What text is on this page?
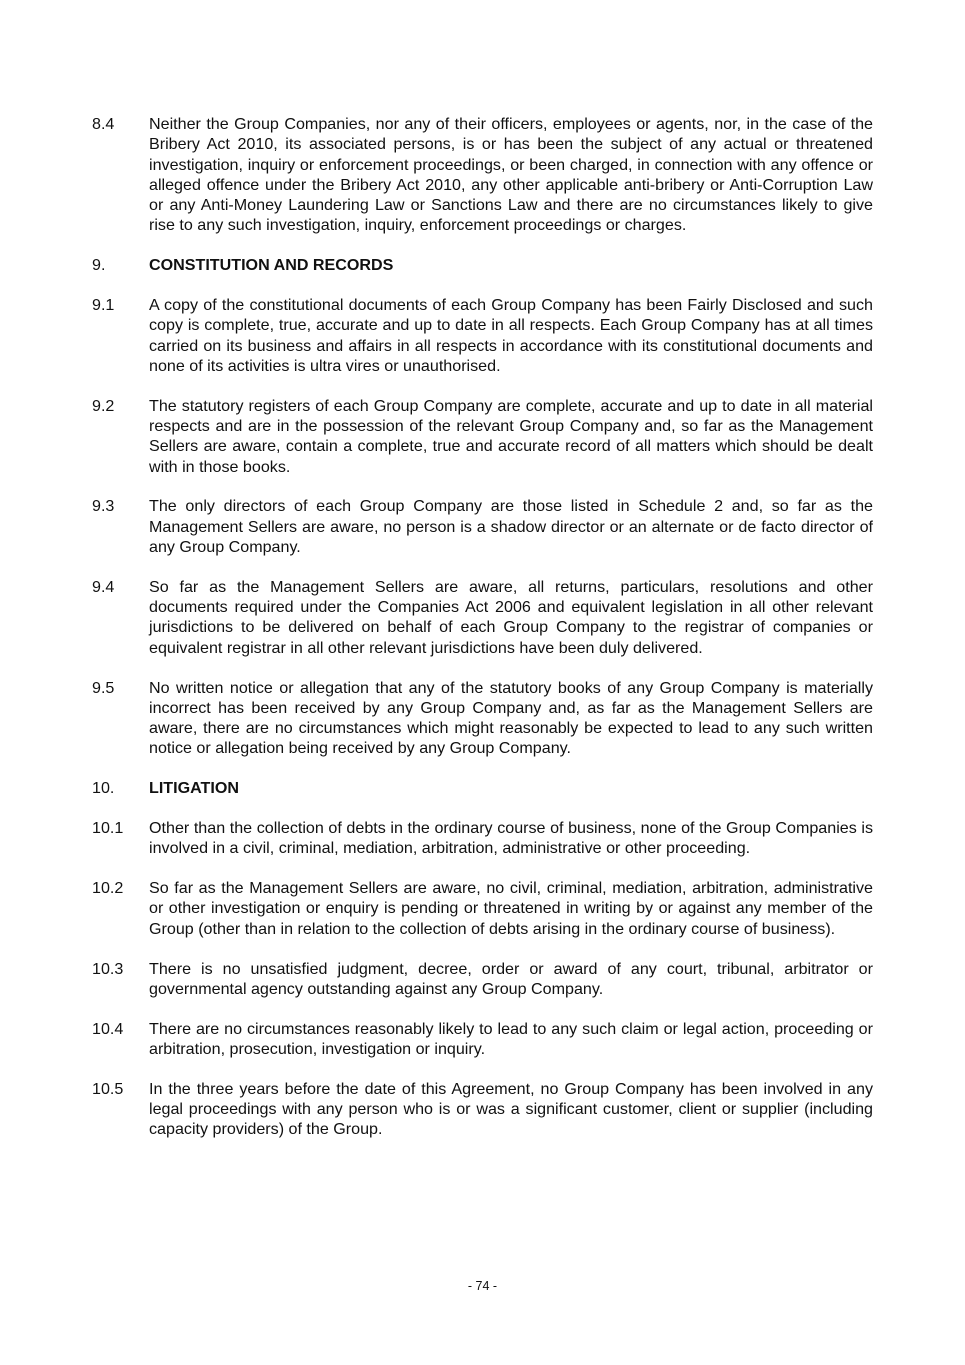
8.4 Neither the Group Companies, nor any of their officers, employees or agents, nor, in the case of the Bribery Act 2010, its associated persons, is or has been the subject of any actual or threatened investigation, inquiry or enforcement proceedings, or been charged, in connection with any offence or alleged offence under the Bribery Act 2010, any other applicable anti-bribery or Anti-Corruption Law or any Anti-Money Laundering Law or Sanctions Law and there are no circumstances likely to give rise to any such investigation, inquiry, enforcement proceedings or charges.
9.	CONSTITUTION AND RECORDS
9.1 A copy of the constitutional documents of each Group Company has been Fairly Disclosed and such copy is complete, true, accurate and up to date in all respects. Each Group Company has at all times carried on its business and affairs in all respects in accordance with its constitutional documents and none of its activities is ultra vires or unauthorised.
9.2 The statutory registers of each Group Company are complete, accurate and up to date in all material respects and are in the possession of the relevant Group Company and, so far as the Management Sellers are aware, contain a complete, true and accurate record of all matters which should be dealt with in those books.
9.3 The only directors of each Group Company are those listed in Schedule 2 and, so far as the Management Sellers are aware, no person is a shadow director or an alternate or de facto director of any Group Company.
9.4 So far as the Management Sellers are aware, all returns, particulars, resolutions and other documents required under the Companies Act 2006 and equivalent legislation in all other relevant jurisdictions to be delivered on behalf of each Group Company to the registrar of companies or equivalent registrar in all other relevant jurisdictions have been duly delivered.
9.5 No written notice or allegation that any of the statutory books of any Group Company is materially incorrect has been received by any Group Company and, as far as the Management Sellers are aware, there are no circumstances which might reasonably be expected to lead to any such written notice or allegation being received by any Group Company.
10. LITIGATION
10.1 Other than the collection of debts in the ordinary course of business, none of the Group Companies is involved in a civil, criminal, mediation, arbitration, administrative or other proceeding.
10.2 So far as the Management Sellers are aware, no civil, criminal, mediation, arbitration, administrative or other investigation or enquiry is pending or threatened in writing by or against any member of the Group (other than in relation to the collection of debts arising in the ordinary course of business).
10.3 There is no unsatisfied judgment, decree, order or award of any court, tribunal, arbitrator or governmental agency outstanding against any Group Company.
10.4 There are no circumstances reasonably likely to lead to any such claim or legal action, proceeding or arbitration, prosecution, investigation or inquiry.
10.5 In the three years before the date of this Agreement, no Group Company has been involved in any legal proceedings with any person who is or was a significant customer, client or supplier (including capacity providers) of the Group.
- 74 -
